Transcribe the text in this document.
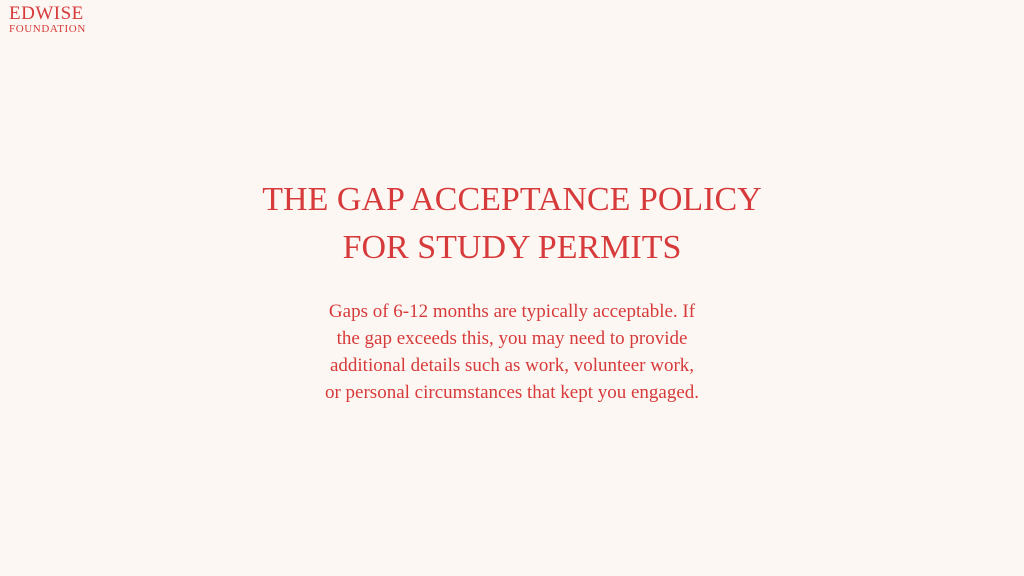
EDWISE
FOUNDATION
THE GAP ACCEPTANCE POLICY
FOR STUDY PERMITS
Gaps of 6-12 months are typically acceptable. If
the gap exceeds this, you may need to provide
additional details such as work, volunteer work,
or personal circumstances that kept you engaged.
